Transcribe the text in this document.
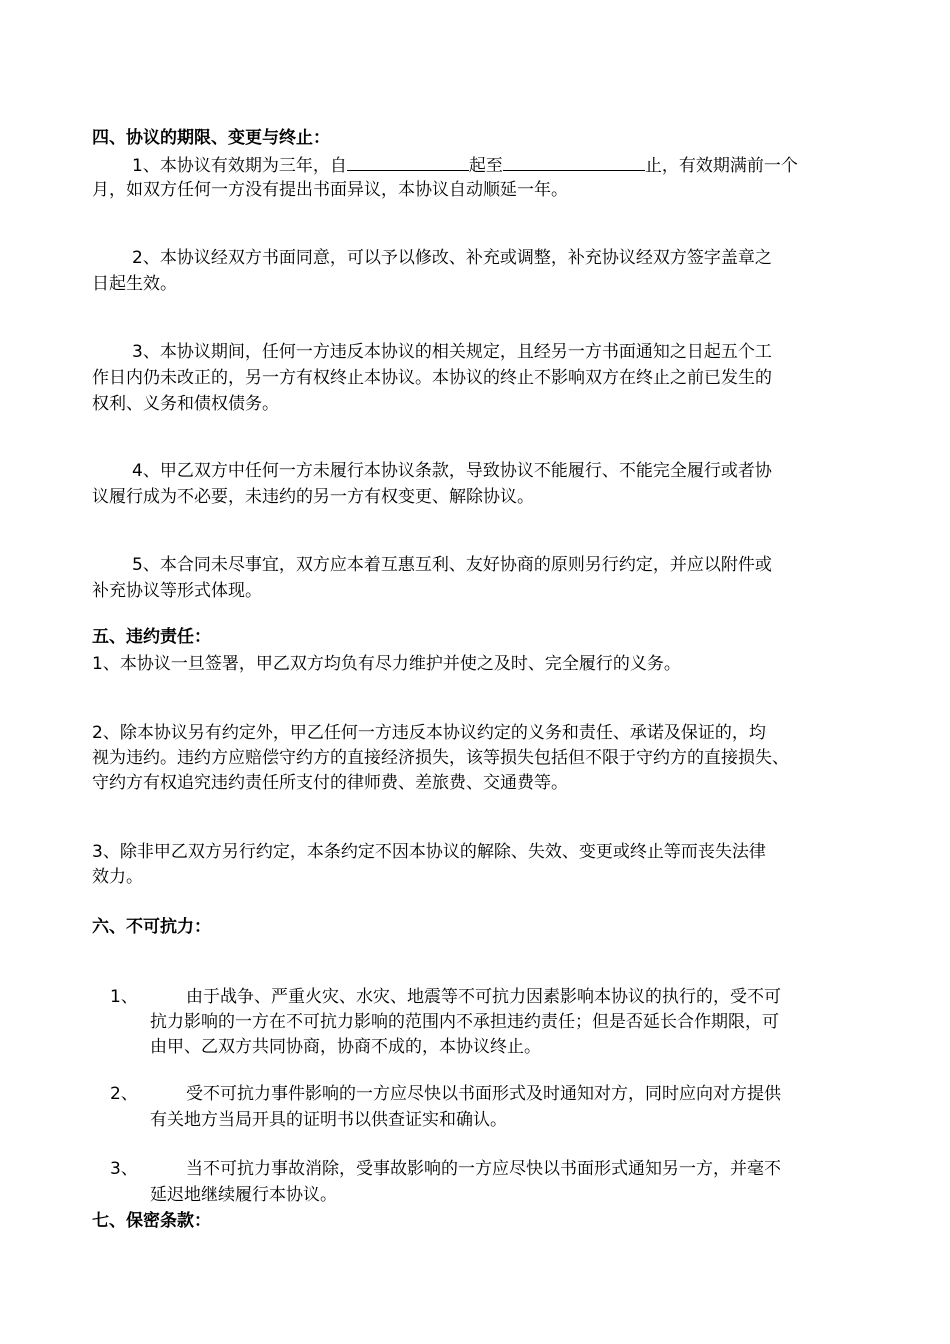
四、协议的期限、变更与终止：
1、本协议有效期为三年，自	起至	止，有效期满前一个
月，如双方任何一方没有提出书面异议，本协议自动顺延一年。
2、本协议经双方书面同意，可以予以修改、补充或调整，补充协议经双方签字盖章之
日起生效。
3、本协议期间，任何一方违反本协议的相关规定，且经另一方书面通知之日起五个工
作日内仍未改正的，另一方有权终止本协议。本协议的终止不影响双方在终止之前已发生的
权利、义务和债权债务。
4、甲乙双方中任何一方未履行本协议条款，导致协议不能履行、不能完全履行或者协
议履行成为不必要，未违约的另一方有权变更、解除协议。
5、本合同未尽事宜，双方应本着互惠互利、友好协商的原则另行约定，并应以附件或
补充协议等形式体现。
五、违约责任：
1、本协议一旦签署，甲乙双方均负有尽力维护并使之及时、完全履行的义务。
2、除本协议另有约定外，甲乙任何一方违反本协议约定的义务和责任、承诺及保证的，均
视为违约。违约方应赔偿守约方的直接经济损失，该等损失包括但不限于守约方的直接损失、
守约方有权追究违约责任所支付的律师费、差旅费、交通费等。
3、除非甲乙双方另行约定，本条约定不因本协议的解除、失效、变更或终止等而丧失法律
效力。
六、不可抗力：
1、	由于战争、严重火灾、水灾、地震等不可抗力因素影响本协议的执行的，受不可
抗力影响的一方在不可抗力影响的范围内不承担违约责任；但是否延长合作期限，可
由甲、乙双方共同协商，协商不成的，本协议终止。
2、	受不可抗力事件影响的一方应尽快以书面形式及时通知对方，同时应向对方提供
有关地方当局开具的证明书以供查证实和确认。
3、	当不可抗力事故消除，受事故影响的一方应尽快以书面形式通知另一方，并毫不
延迟地继续履行本协议。
七、保密条款：
